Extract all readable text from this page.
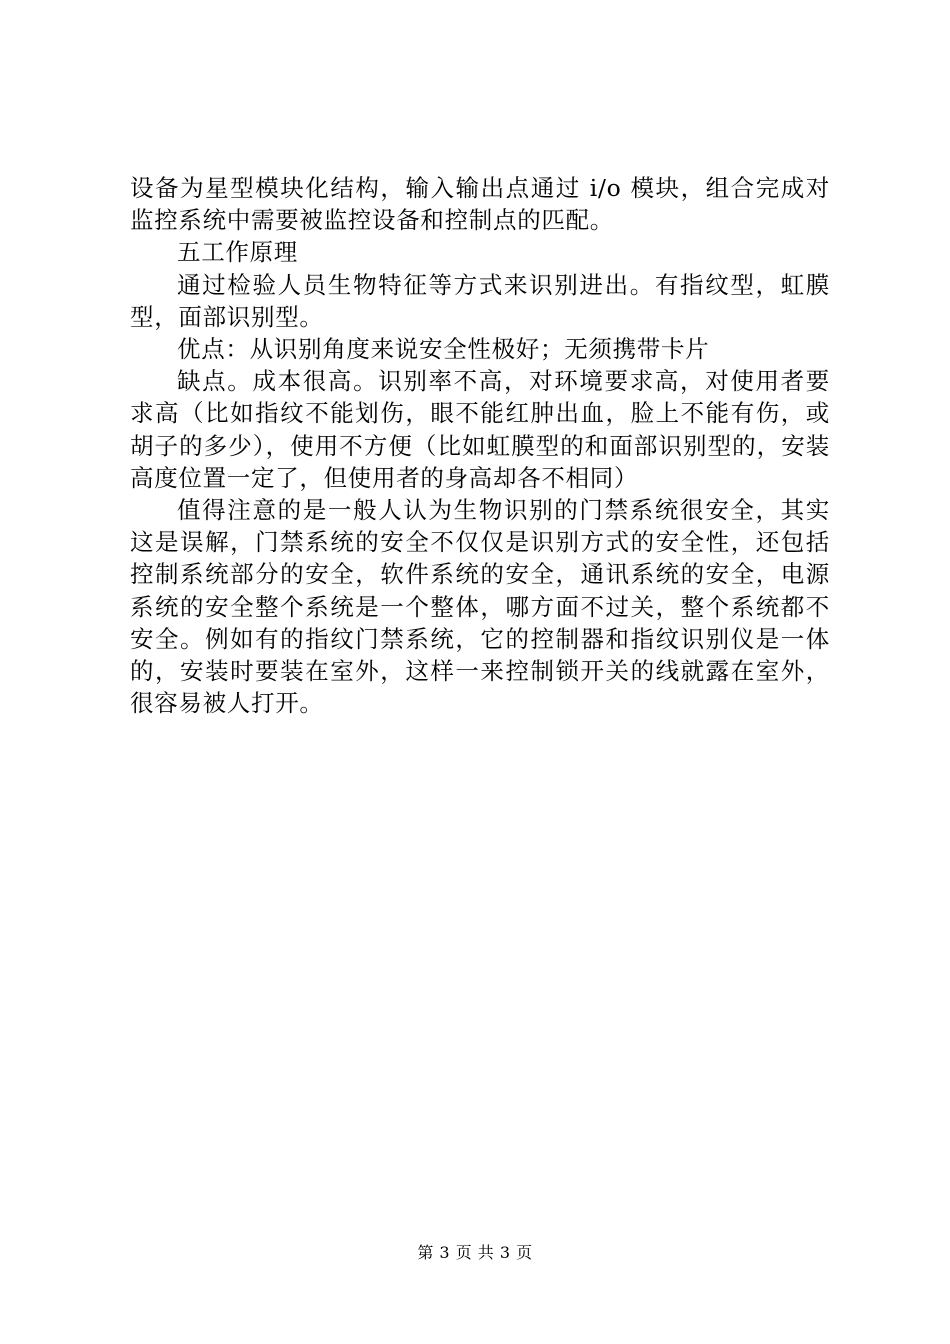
设备为星型模块化结构，输入输出点通过 i/o 模块，组合完成对监控系统中需要被监控设备和控制点的匹配。

五工作原理

通过检验人员生物特征等方式来识别进出。有指纹型，虹膜型，面部识别型。

优点：从识别角度来说安全性极好；无须携带卡片

缺点。成本很高。识别率不高，对环境要求高，对使用者要求高（比如指纹不能划伤，眼不能红肿出血，脸上不能有伤，或胡子的多少），使用不方便（比如虹膜型的和面部识别型的，安装高度位置一定了，但使用者的身高却各不相同）

值得注意的是一般人认为生物识别的门禁系统很安全，其实这是误解，门禁系统的安全不仅仅是识别方式的安全性，还包括控制系统部分的安全，软件系统的安全，通讯系统的安全，电源系统的安全整个系统是一个整体，哪方面不过关，整个系统都不安全。例如有的指纹门禁系统，它的控制器和指纹识别仪是一体的，安装时要装在室外，这样一来控制锁开关的线就露在室外，很容易被人打开。

第 3 页 共 3 页
